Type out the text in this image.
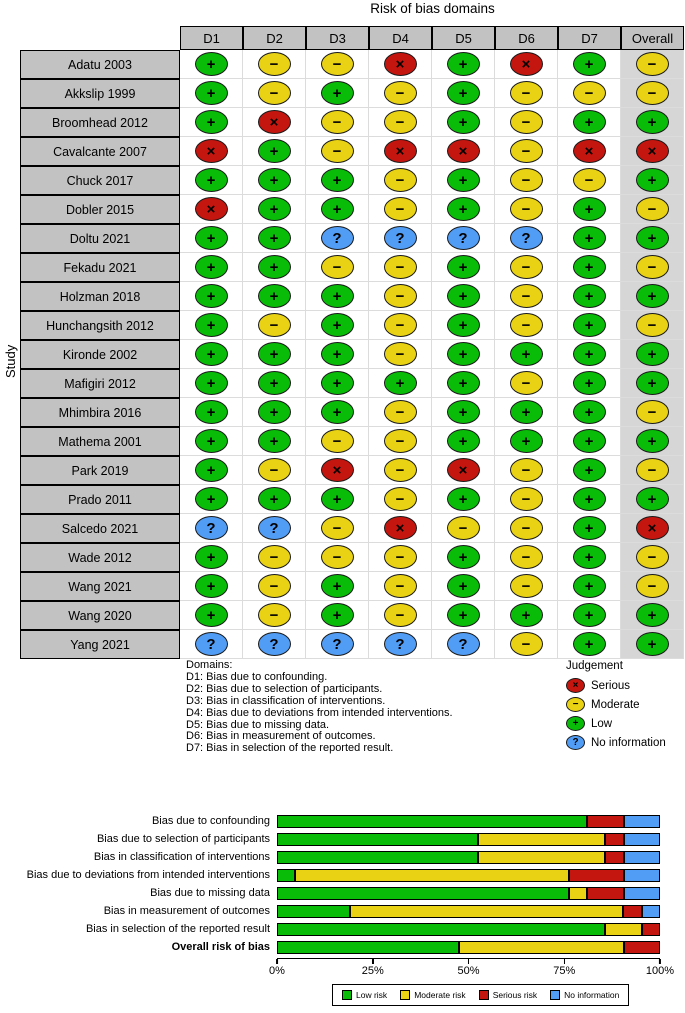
Risk of bias domains
Study
D1	D2	D3	D4	D5	D6	D7	Overall
Adatu 2003	+	−	−	×	+	×	+	−
Akkslip 1999	+	−	+	−	+	−	−	−
Broomhead 2012	+	×	−	−	+	−	+	+
Cavalcante 2007	×	+	−	×	×	−	×	×
Chuck 2017	+	+	+	−	+	−	−	+
Dobler 2015	×	+	+	−	+	−	+	−
Doltu 2021	+	+	?	?	?	?	+	+
Fekadu 2021	+	+	−	−	+	−	+	−
Holzman 2018	+	+	+	−	+	−	+	+
Hunchangsith 2012	+	−	+	−	+	−	+	−
Kironde 2002	+	+	+	−	+	+	+	+
Mafigiri 2012	+	+	+	+	+	−	+	+
Mhimbira 2016	+	+	+	−	+	+	+	−
Mathema 2001	+	+	−	−	+	+	+	+
Park 2019	+	−	×	−	×	−	+	−
Prado 2011	+	+	+	−	+	−	+	+
Salcedo 2021	?	?	−	×	−	−	+	×
Wade 2012	+	−	−	−	+	−	+	−
Wang 2021	+	−	+	−	+	−	+	−
Wang 2020	+	−	+	−	+	+	+	+
Yang 2021	?	?	?	?	?	−	+	+
Domains:
D1: Bias due to confounding.
D2: Bias due to selection of participants.
D3: Bias in classification of interventions.
D4: Bias due to deviations from intended interventions.
D5: Bias due to missing data.
D6: Bias in measurement of outcomes.
D7: Bias in selection of the reported result.
Judgement
×	Serious
−	Moderate
+	Low
?	No information
Bias due to confounding
Bias due to selection of participants
Bias in classification of interventions
Bias due to deviations from intended interventions
Bias due to missing data
Bias in measurement of outcomes
Bias in selection of the reported result
Overall risk of bias
0%	25%	50%	75%	100%
Low risk	Moderate risk	Serious risk	No information
